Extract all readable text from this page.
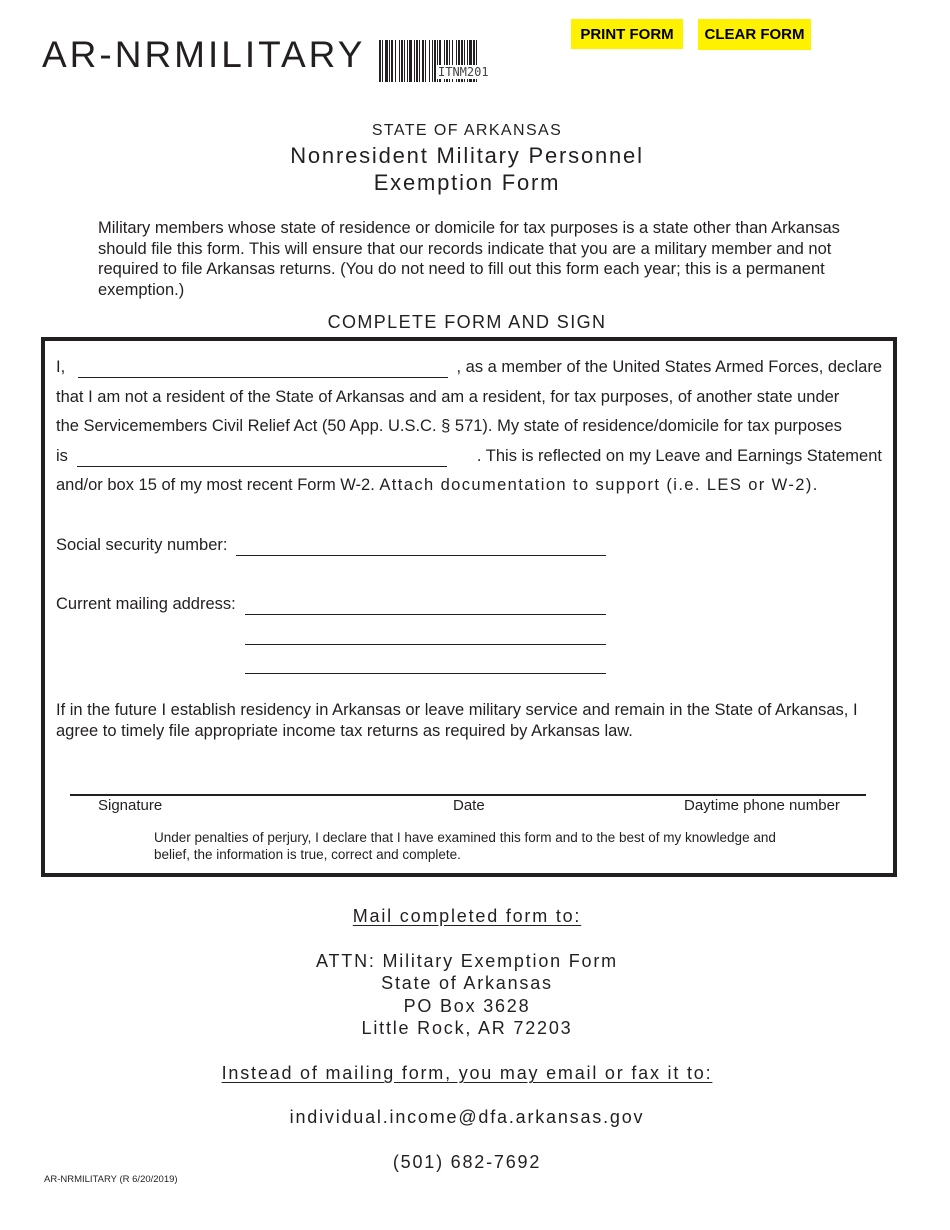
AR-NRMILITARY	ITNM201
PRINT FORM	CLEAR FORM
STATE OF ARKANSAS
Nonresident Military Personnel
Exemption Form
Military members whose state of residence or domicile for tax purposes is a state other than Arkansas should file this form. This will ensure that our records indicate that you are a military member and not required to file Arkansas returns. (You do not need to fill out this form each year; this is a permanent exemption.)
COMPLETE FORM AND SIGN
I,	, as a member of the United States Armed Forces, declare
that I am not a resident of the State of Arkansas and am a resident, for tax purposes, of another state under
the Servicemembers Civil Relief Act (50 App. U.S.C. § 571). My state of residence/domicile for tax purposes
is	. This is reflected on my Leave and Earnings Statement
and/or box 15 of my most recent Form W-2. Attach documentation to support (i.e. LES or W-2).
Social security number:
Current mailing address:
If in the future I establish residency in Arkansas or leave military service and remain in the State of Arkansas, I agree to timely file appropriate income tax returns as required by Arkansas law.
Signature	Date	Daytime phone number
Under penalties of perjury, I declare that I have examined this form and to the best of my knowledge and belief, the information is true, correct and complete.
Mail completed form to:
ATTN: Military Exemption Form
State of Arkansas
PO Box 3628
Little Rock, AR 72203
Instead of mailing form, you may email or fax it to:
individual.income@dfa.arkansas.gov
(501) 682-7692
AR-NRMILITARY (R 6/20/2019)
